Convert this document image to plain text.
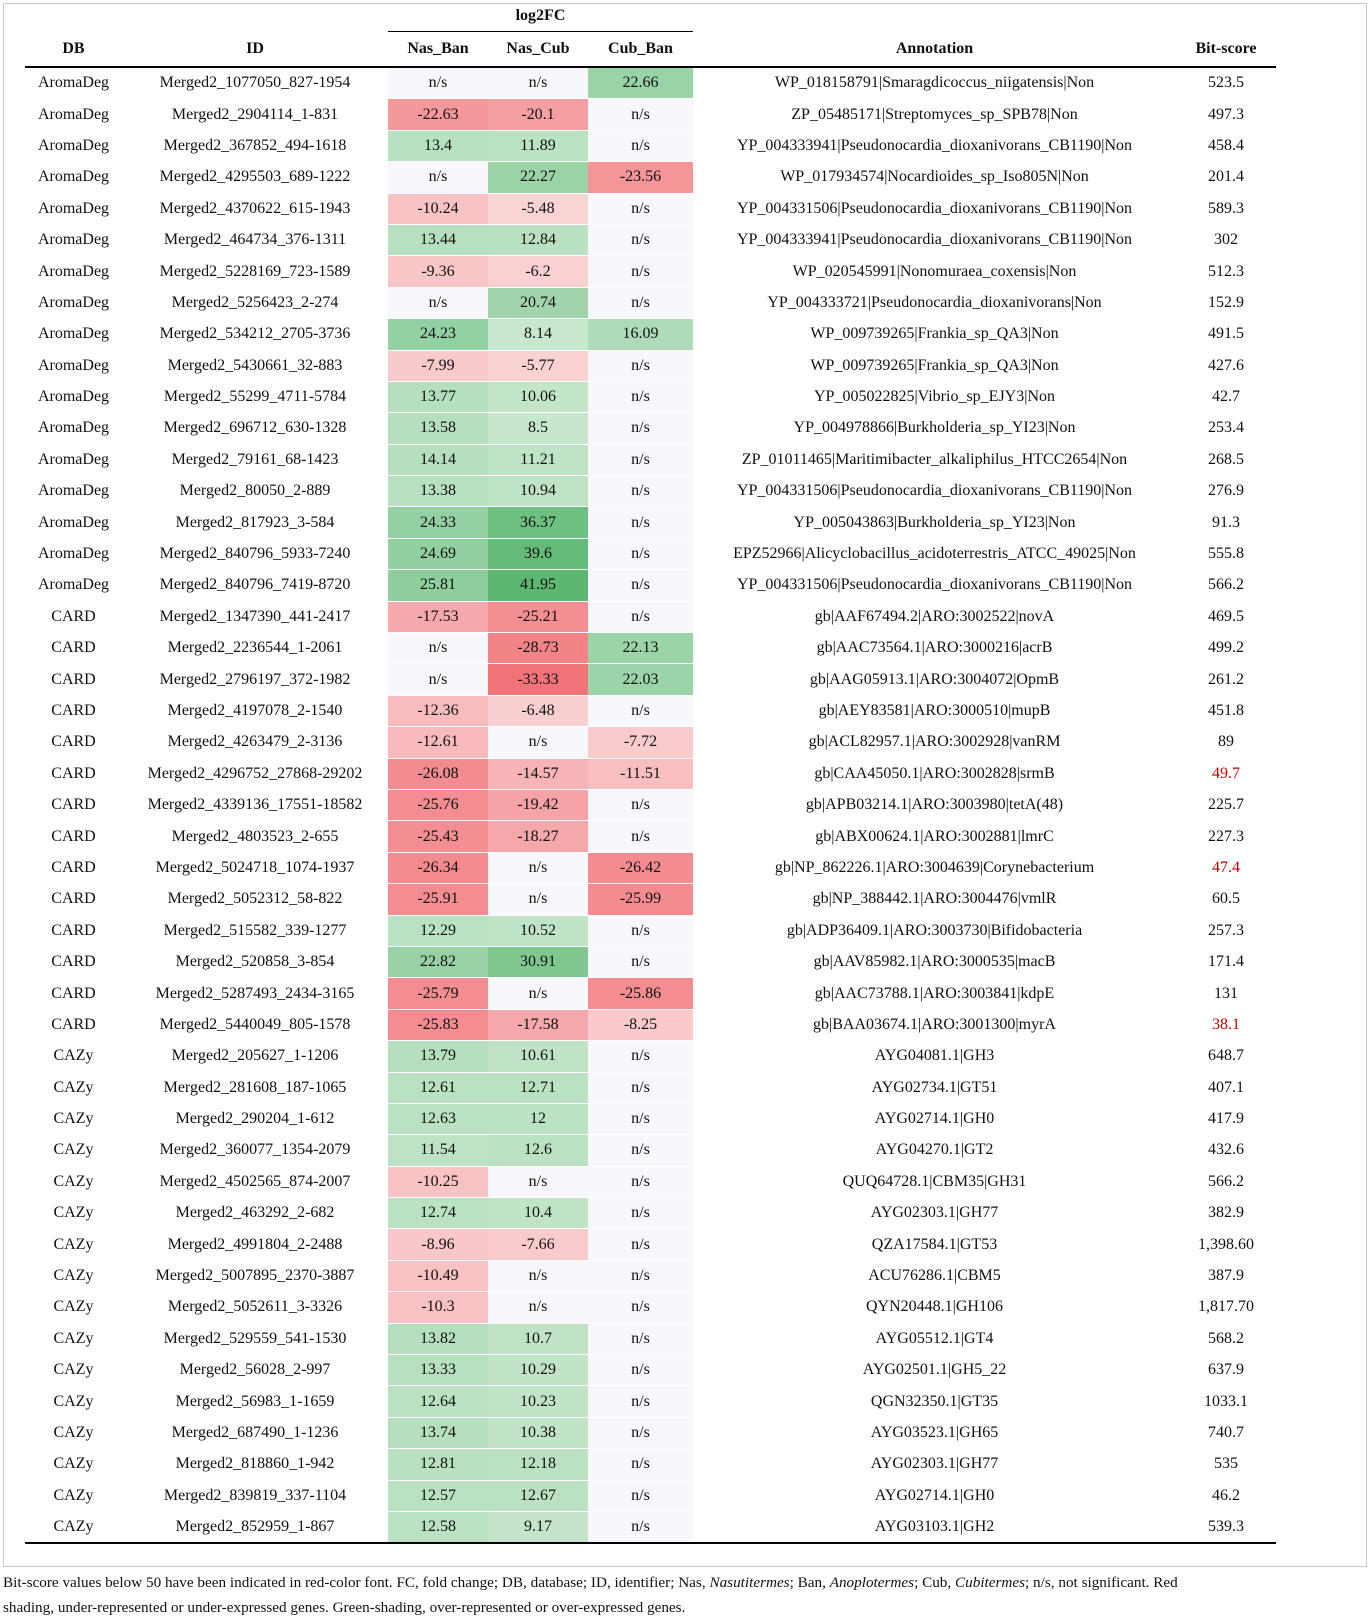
		log2FC				
DB	ID	Nas_Ban	Nas_Cub	Cub_Ban	Annotation	Bit-score
AromaDeg	Merged2_1077050_827-1954	n/s	n/s	22.66	WP_018158791|Smaragdicoccus_niigatensis|Non	523.5
AromaDeg	Merged2_2904114_1-831	-22.63	-20.1	n/s	ZP_05485171|Streptomyces_sp_SPB78|Non	497.3
AromaDeg	Merged2_367852_494-1618	13.4	11.89	n/s	YP_004333941|Pseudonocardia_dioxanivorans_CB1190|Non	458.4
AromaDeg	Merged2_4295503_689-1222	n/s	22.27	-23.56	WP_017934574|Nocardioides_sp_Iso805N|Non	201.4
AromaDeg	Merged2_4370622_615-1943	-10.24	-5.48	n/s	YP_004331506|Pseudonocardia_dioxanivorans_CB1190|Non	589.3
AromaDeg	Merged2_464734_376-1311	13.44	12.84	n/s	YP_004333941|Pseudonocardia_dioxanivorans_CB1190|Non	302
AromaDeg	Merged2_5228169_723-1589	-9.36	-6.2	n/s	WP_020545991|Nonomuraea_coxensis|Non	512.3
AromaDeg	Merged2_5256423_2-274	n/s	20.74	n/s	YP_004333721|Pseudonocardia_dioxanivorans|Non	152.9
AromaDeg	Merged2_534212_2705-3736	24.23	8.14	16.09	WP_009739265|Frankia_sp_QA3|Non	491.5
AromaDeg	Merged2_5430661_32-883	-7.99	-5.77	n/s	WP_009739265|Frankia_sp_QA3|Non	427.6
AromaDeg	Merged2_55299_4711-5784	13.77	10.06	n/s	YP_005022825|Vibrio_sp_EJY3|Non	42.7
AromaDeg	Merged2_696712_630-1328	13.58	8.5	n/s	YP_004978866|Burkholderia_sp_YI23|Non	253.4
AromaDeg	Merged2_79161_68-1423	14.14	11.21	n/s	ZP_01011465|Maritimibacter_alkaliphilus_HTCC2654|Non	268.5
AromaDeg	Merged2_80050_2-889	13.38	10.94	n/s	YP_004331506|Pseudonocardia_dioxanivorans_CB1190|Non	276.9
AromaDeg	Merged2_817923_3-584	24.33	36.37	n/s	YP_005043863|Burkholderia_sp_YI23|Non	91.3
AromaDeg	Merged2_840796_5933-7240	24.69	39.6	n/s	EPZ52966|Alicyclobacillus_acidoterrestris_ATCC_49025|Non	555.8
AromaDeg	Merged2_840796_7419-8720	25.81	41.95	n/s	YP_004331506|Pseudonocardia_dioxanivorans_CB1190|Non	566.2
CARD	Merged2_1347390_441-2417	-17.53	-25.21	n/s	gb|AAF67494.2|ARO:3002522|novA	469.5
CARD	Merged2_2236544_1-2061	n/s	-28.73	22.13	gb|AAC73564.1|ARO:3000216|acrB	499.2
CARD	Merged2_2796197_372-1982	n/s	-33.33	22.03	gb|AAG05913.1|ARO:3004072|OpmB	261.2
CARD	Merged2_4197078_2-1540	-12.36	-6.48	n/s	gb|AEY83581|ARO:3000510|mupB	451.8
CARD	Merged2_4263479_2-3136	-12.61	n/s	-7.72	gb|ACL82957.1|ARO:3002928|vanRM	89
CARD	Merged2_4296752_27868-29202	-26.08	-14.57	-11.51	gb|CAA45050.1|ARO:3002828|srmB	49.7
CARD	Merged2_4339136_17551-18582	-25.76	-19.42	n/s	gb|APB03214.1|ARO:3003980|tetA(48)	225.7
CARD	Merged2_4803523_2-655	-25.43	-18.27	n/s	gb|ABX00624.1|ARO:3002881|lmrC	227.3
CARD	Merged2_5024718_1074-1937	-26.34	n/s	-26.42	gb|NP_862226.1|ARO:3004639|Corynebacterium	47.4
CARD	Merged2_5052312_58-822	-25.91	n/s	-25.99	gb|NP_388442.1|ARO:3004476|vmlR	60.5
CARD	Merged2_515582_339-1277	12.29	10.52	n/s	gb|ADP36409.1|ARO:3003730|Bifidobacteria	257.3
CARD	Merged2_520858_3-854	22.82	30.91	n/s	gb|AAV85982.1|ARO:3000535|macB	171.4
CARD	Merged2_5287493_2434-3165	-25.79	n/s	-25.86	gb|AAC73788.1|ARO:3003841|kdpE	131
CARD	Merged2_5440049_805-1578	-25.83	-17.58	-8.25	gb|BAA03674.1|ARO:3001300|myrA	38.1
CAZy	Merged2_205627_1-1206	13.79	10.61	n/s	AYG04081.1|GH3	648.7
CAZy	Merged2_281608_187-1065	12.61	12.71	n/s	AYG02734.1|GT51	407.1
CAZy	Merged2_290204_1-612	12.63	12	n/s	AYG02714.1|GH0	417.9
CAZy	Merged2_360077_1354-2079	11.54	12.6	n/s	AYG04270.1|GT2	432.6
CAZy	Merged2_4502565_874-2007	-10.25	n/s	n/s	QUQ64728.1|CBM35|GH31	566.2
CAZy	Merged2_463292_2-682	12.74	10.4	n/s	AYG02303.1|GH77	382.9
CAZy	Merged2_4991804_2-2488	-8.96	-7.66	n/s	QZA17584.1|GT53	1,398.60
CAZy	Merged2_5007895_2370-3887	-10.49	n/s	n/s	ACU76286.1|CBM5	387.9
CAZy	Merged2_5052611_3-3326	-10.3	n/s	n/s	QYN20448.1|GH106	1,817.70
CAZy	Merged2_529559_541-1530	13.82	10.7	n/s	AYG05512.1|GT4	568.2
CAZy	Merged2_56028_2-997	13.33	10.29	n/s	AYG02501.1|GH5_22	637.9
CAZy	Merged2_56983_1-1659	12.64	10.23	n/s	QGN32350.1|GT35	1033.1
CAZy	Merged2_687490_1-1236	13.74	10.38	n/s	AYG03523.1|GH65	740.7
CAZy	Merged2_818860_1-942	12.81	12.18	n/s	AYG02303.1|GH77	535
CAZy	Merged2_839819_337-1104	12.57	12.67	n/s	AYG02714.1|GH0	46.2
CAZy	Merged2_852959_1-867	12.58	9.17	n/s	AYG03103.1|GH2	539.3
Bit-score values below 50 have been indicated in red-color font. FC, fold change; DB, database; ID, identifier; Nas, Nasutitermes; Ban, Anoplotermes; Cub, Cubitermes; n/s, not significant. Red
shading, under-represented or under-expressed genes. Green-shading, over-represented or over-expressed genes.
